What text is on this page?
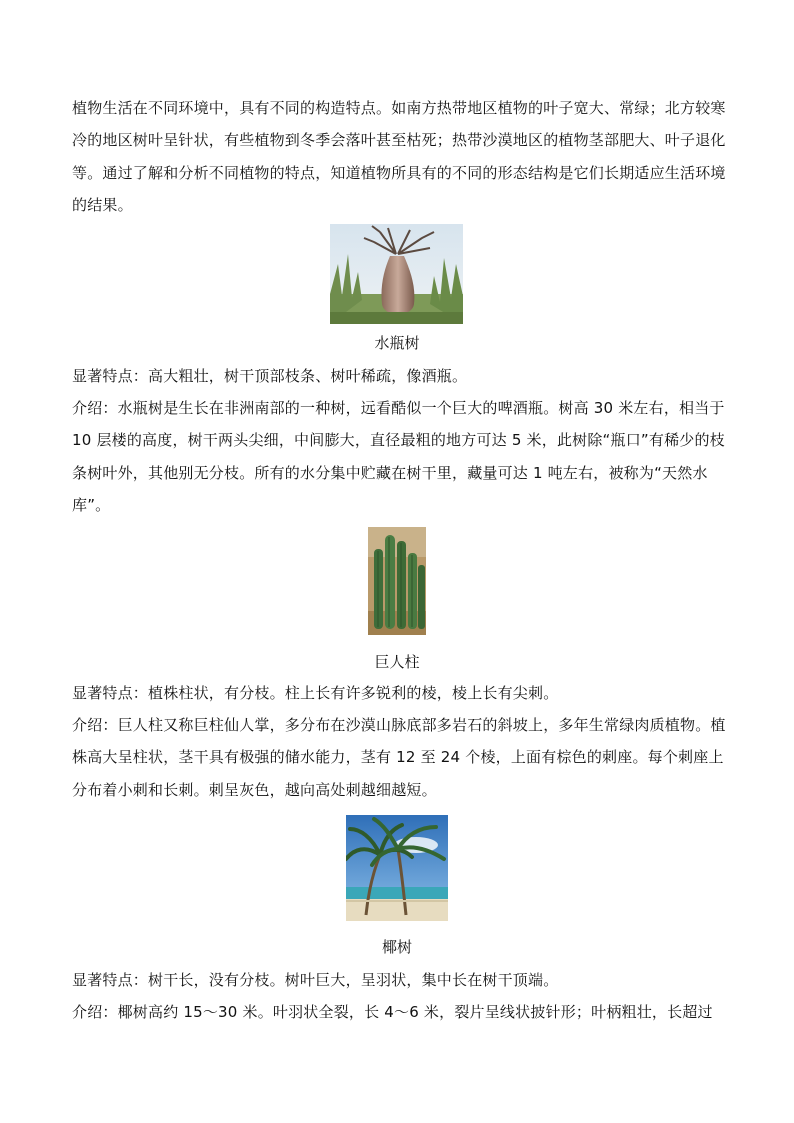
植物生活在不同环境中，具有不同的构造特点。如南方热带地区植物的叶子宽大、常绿；北方较寒冷的地区树叶呈针状，有些植物到冬季会落叶甚至枯死；热带沙漠地区的植物茎部肥大、叶子退化等。通过了解和分析不同植物的特点，知道植物所具有的不同的形态结构是它们长期适应生活环境的结果。

水瓶树

显著特点：高大粗壮，树干顶部枝条、树叶稀疏，像酒瓶。

介绍：水瓶树是生长在非洲南部的一种树，远看酷似一个巨大的啤酒瓶。树高 30 米左右，相当于 10 层楼的高度，树干两头尖细，中间膨大，直径最粗的地方可达 5 米，此树除“瓶口”有稀少的枝条树叶外，其他别无分枝。所有的水分集中贮藏在树干里，藏量可达 1 吨左右，被称为“天然水库”。

巨人柱

显著特点：植株柱状，有分枝。柱上长有许多锐利的棱，棱上长有尖刺。

介绍：巨人柱又称巨柱仙人掌，多分布在沙漠山脉底部多岩石的斜坡上，多年生常绿肉质植物。植株高大呈柱状，茎干具有极强的储水能力，茎有 12 至 24 个棱，上面有棕色的刺座。每个刺座上分布着小刺和长刺。刺呈灰色，越向高处刺越细越短。

椰树

显著特点：树干长，没有分枝。树叶巨大，呈羽状，集中长在树干顶端。

介绍：椰树高约 15～30 米。叶羽状全裂，长 4～6 米，裂片呈线状披针形；叶柄粗壮，长超过
